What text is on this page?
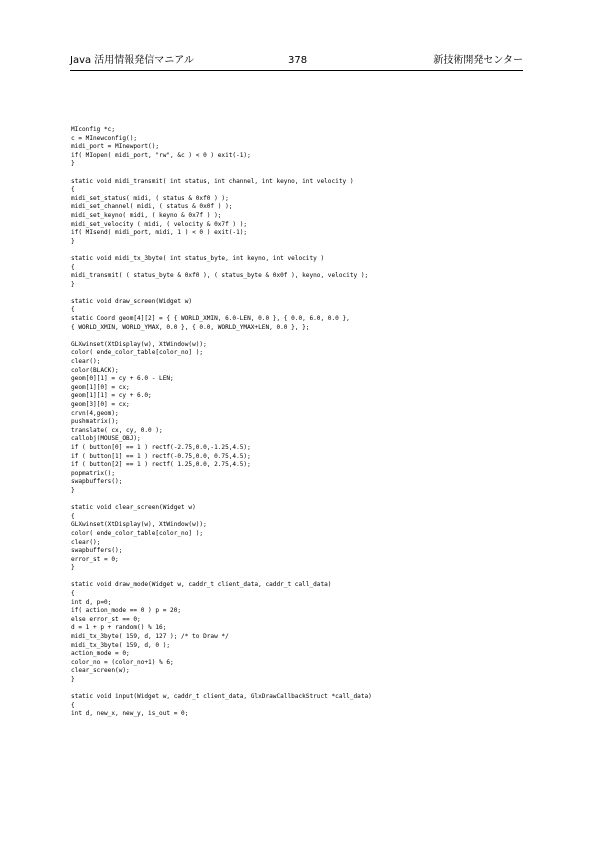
Java 活用情報発信マニアル	378	新技術開発センター
MIconfig *c;
c = MInewconfig();
midi_port = MInewport();
if( MIopen( midi_port, "rw", &c ) < 0 ) exit(-1);
}
static void midi_transmit( int status, int channel, int keyno, int velocity )
{
midi_set_status( midi, ( status & 0xf0 ) );
midi_set_channel( midi, ( status & 0x0f ) );
midi_set_keyno( midi, ( keyno & 0x7f ) );
midi_set_velocity ( midi, ( velocity & 0x7f ) );
if( MIsend( midi_port, midi, 1 ) < 0 ) exit(-1);
}
static void midi_tx_3byte( int status_byte, int keyno, int velocity )
{
midi_transmit( ( status_byte & 0xf0 ), ( status_byte & 0x0f ), keyno, velocity );
}
static void draw_screen(Widget w)
{
static Coord geom[4][2] = { { WORLD_XMIN, 6.0-LEN, 0.0 }, { 0.0, 6.0, 0.0 },
{ WORLD_XMIN, WORLD_YMAX, 0.0 }, { 0.0, WORLD_YMAX+LEN, 0.0 }, };
GLXwinset(XtDisplay(w), XtWindow(w));
color( ende_color_table[color_no] );
clear();
color(BLACK);
geom[0][1] = cy + 6.0 - LEN;
geom[1][0] = cx;
geom[1][1] = cy + 6.0;
geom[3][0] = cx;
crvn(4,geom);
pushmatrix();
translate( cx, cy, 0.0 );
callobj(MOUSE_OBJ);
if ( button[0] == 1 ) rectf(-2.75,0.0,-1.25,4.5);
if ( button[1] == 1 ) rectf(-0.75,0.0, 0.75,4.5);
if ( button[2] == 1 ) rectf( 1.25,0.0, 2.75,4.5);
popmatrix();
swapbuffers();
}
static void clear_screen(Widget w)
{
GLXwinset(XtDisplay(w), XtWindow(w));
color( ende_color_table[color_no] );
clear();
swapbuffers();
error_st = 0;
}
static void draw_mode(Widget w, caddr_t client_data, caddr_t call_data)
{
int d, p=0;
if( action_mode == 0 ) p = 20;
else error_st == 0;
d = 1 + p + random() % 16;
midi_tx_3byte( 159, d, 127 ); /* to Draw */
midi_tx_3byte( 159, d, 0 );
action_mode = 0;
color_no = (color_no+1) % 6;
clear_screen(w);
}
static void input(Widget w, caddr_t client_data, GlxDrawCallbackStruct *call_data)
{
int d, new_x, new_y, is_out = 0;
